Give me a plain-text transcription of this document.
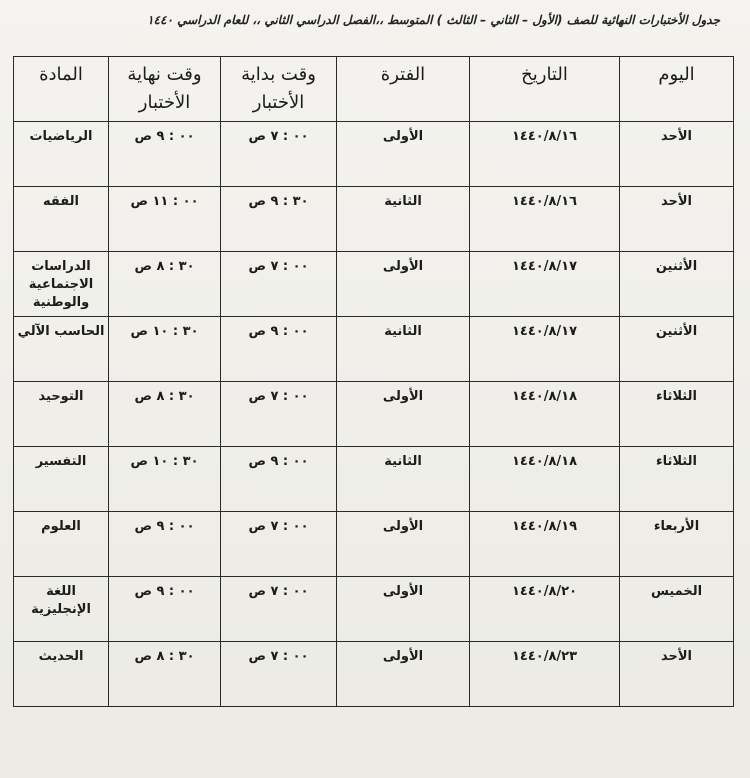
جدول الأختبارات النهائية للصف (الأول – الثاني – الثالث ) المتوسط ،،الفصل الدراسي الثاني ،، للعام الدراسي ١٤٤٠
اليوم	التاريخ	الفترة	وقت بداية الأختبار	وقت نهاية الأختبار	المادة
الأحد	١٤٤٠/٨/١٦	الأولى	٠٠ : ٧ ص	٠٠ : ٩ ص	الرياضيات
الأحد	١٤٤٠/٨/١٦	الثانية	٣٠ : ٩ ص	٠٠ : ١١ ص	الفقه
الأثنين	١٤٤٠/٨/١٧	الأولى	٠٠ : ٧ ص	٣٠ : ٨ ص	الدراسات الاجتماعية والوطنية
الأثنين	١٤٤٠/٨/١٧	الثانية	٠٠ : ٩ ص	٣٠ : ١٠ ص	الحاسب الآلي
الثلاثاء	١٤٤٠/٨/١٨	الأولى	٠٠ : ٧ ص	٣٠ : ٨ ص	التوحيد
الثلاثاء	١٤٤٠/٨/١٨	الثانية	٠٠ : ٩ ص	٣٠ : ١٠ ص	التفسير
الأربعاء	١٤٤٠/٨/١٩	الأولى	٠٠ : ٧ ص	٠٠ : ٩ ص	العلوم
الخميس	١٤٤٠/٨/٢٠	الأولى	٠٠ : ٧ ص	٠٠ : ٩ ص	اللغة الإنجليزية
الأحد	١٤٤٠/٨/٢٣	الأولى	٠٠ : ٧ ص	٣٠ : ٨ ص	الحديث
